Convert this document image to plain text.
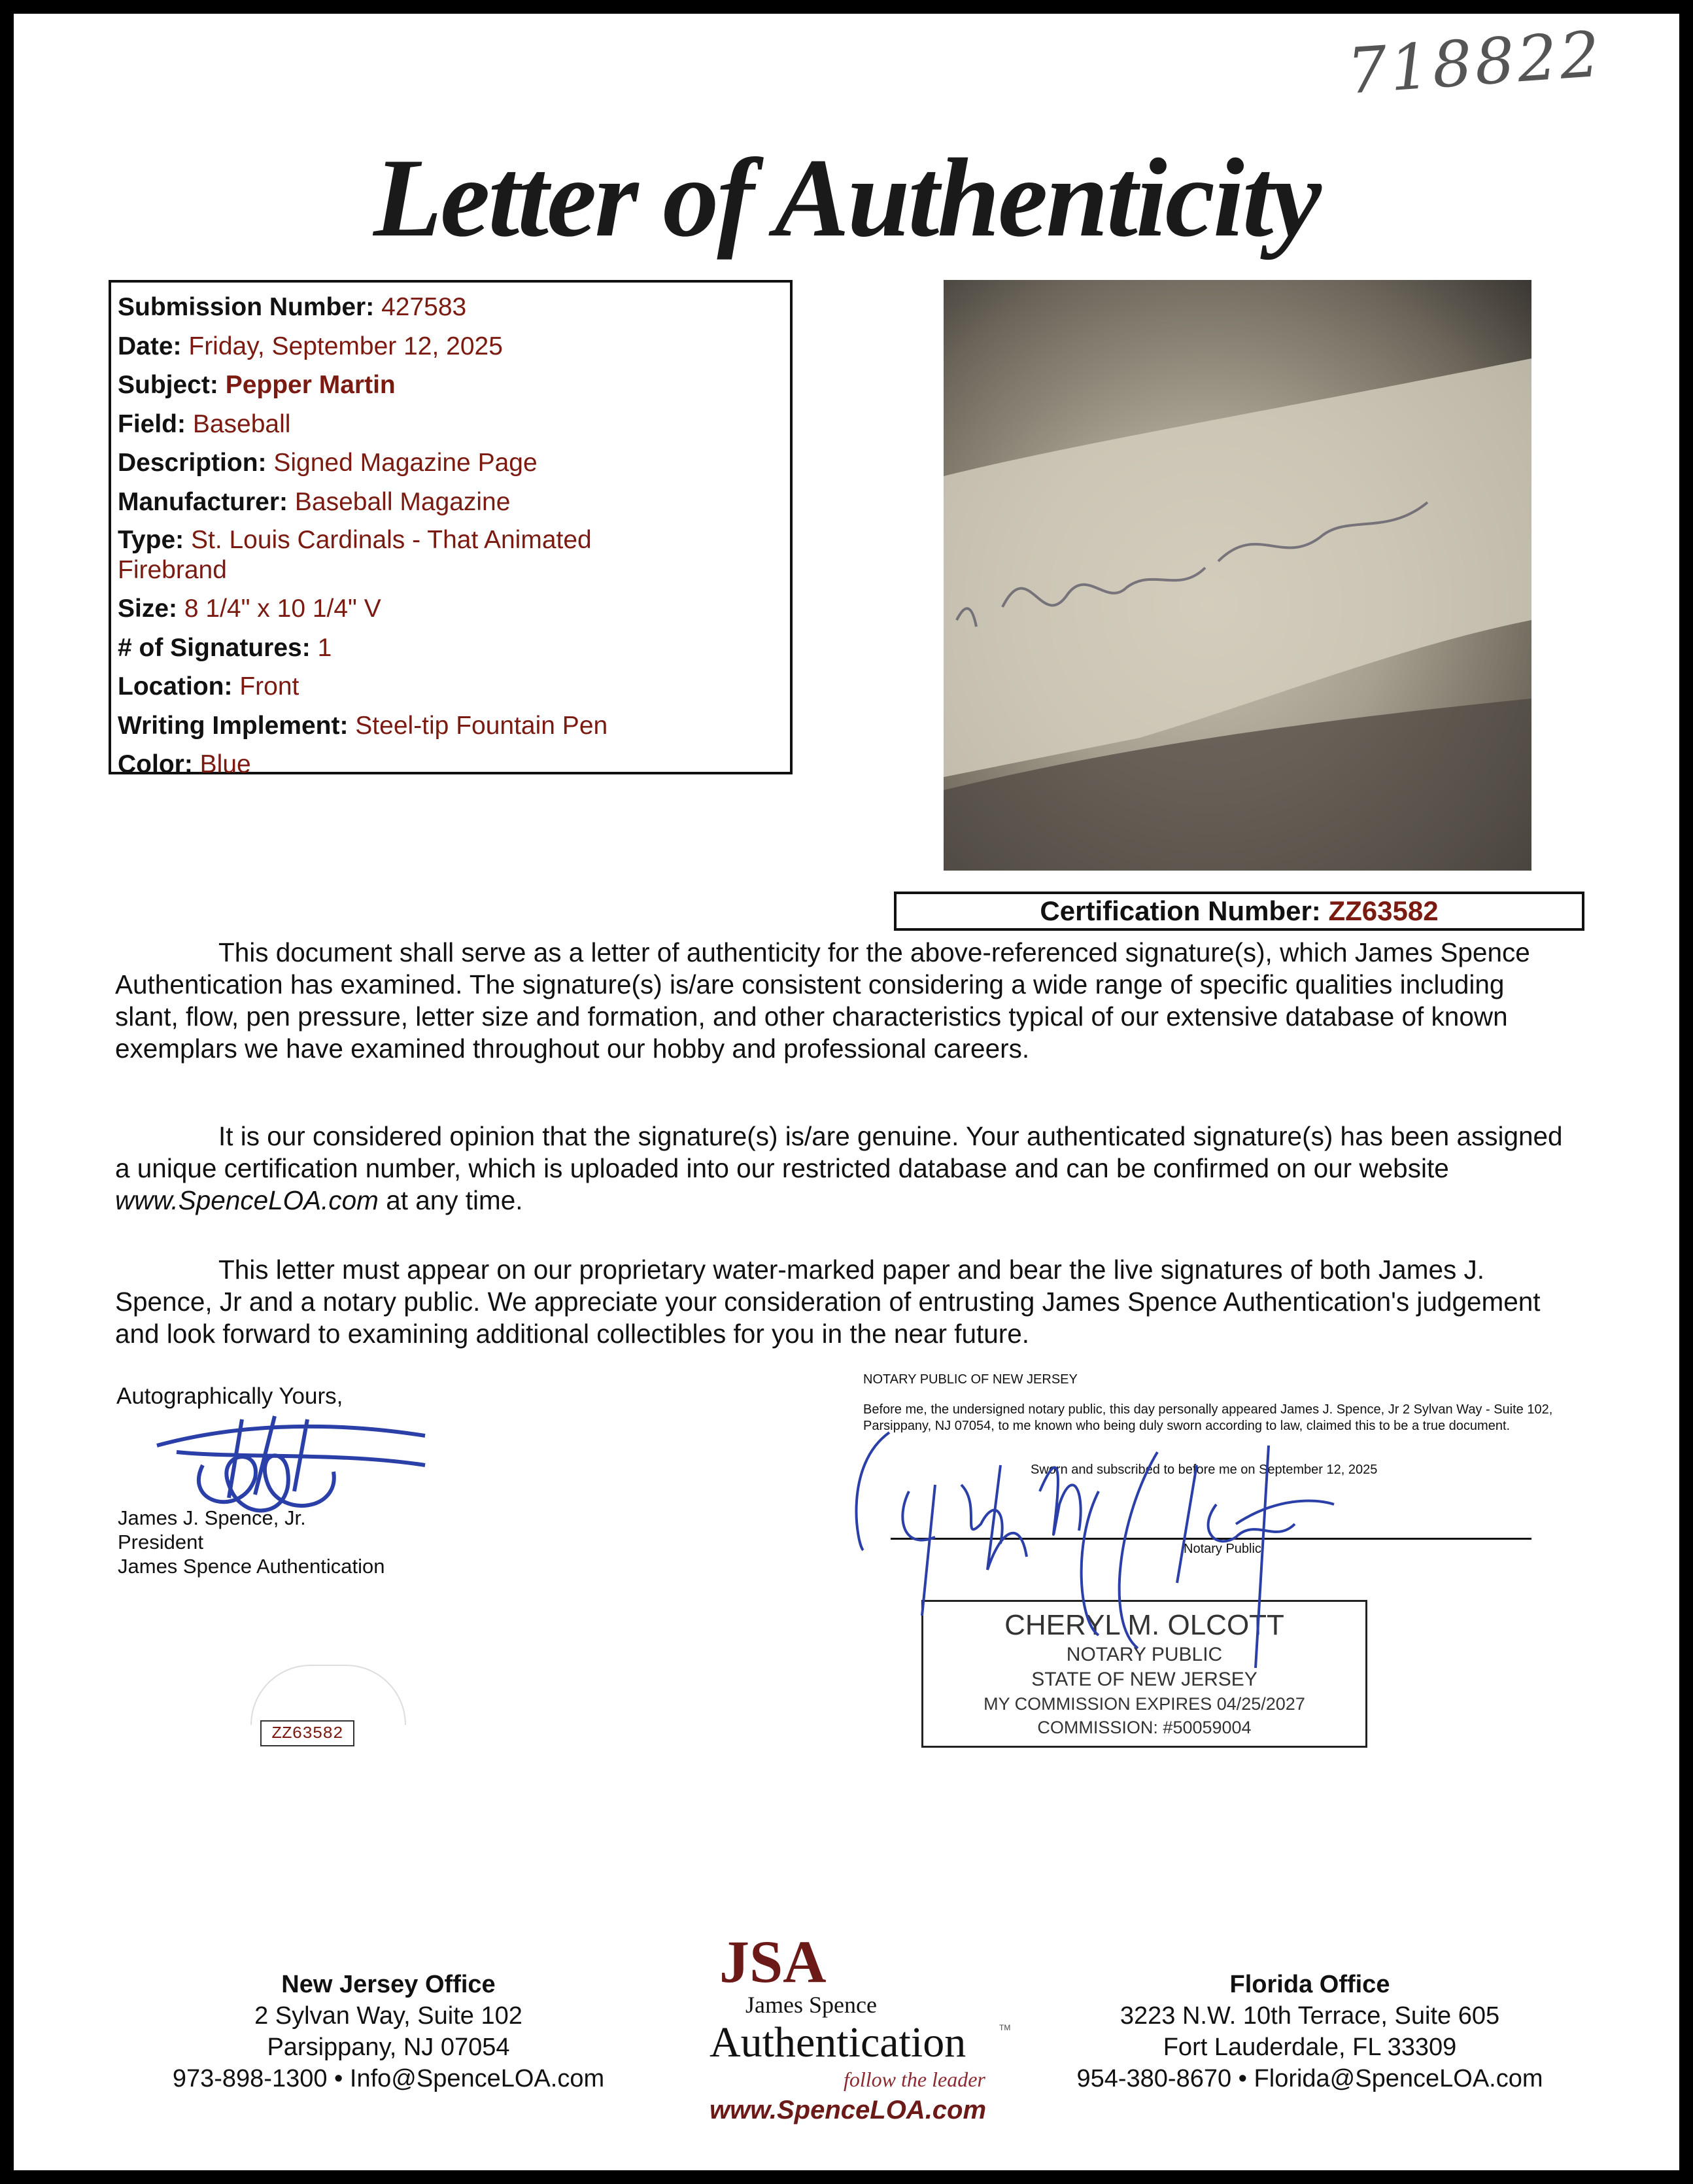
718822
Letter of Authenticity
Submission Number: 427583
Date: Friday, September 12, 2025
Subject: Pepper Martin
Field: Baseball
Description: Signed Magazine Page
Manufacturer: Baseball Magazine
Type: St. Louis Cardinals - That Animated Firebrand
Size: 8 1/4" x 10 1/4" V
# of Signatures: 1
Location: Front
Writing Implement: Steel-tip Fountain Pen
Color: Blue
Certification Number: ZZ63582
This document shall serve as a letter of authenticity for the above-referenced signature(s), which James Spence Authentication has examined. The signature(s) is/are consistent considering a wide range of specific qualities including slant, flow, pen pressure, letter size and formation, and other characteristics typical of our extensive database of known exemplars we have examined throughout our hobby and professional careers.
It is our considered opinion that the signature(s) is/are genuine. Your authenticated signature(s) has been assigned a unique certification number, which is uploaded into our restricted database and can be confirmed on our website www.SpenceLOA.com at any time.
This letter must appear on our proprietary water-marked paper and bear the live signatures of both James J. Spence, Jr and a notary public. We appreciate your consideration of entrusting James Spence Authentication's judgement and look forward to examining additional collectibles for you in the near future.
Autographically Yours,
James J. Spence, Jr.
President
James Spence Authentication
ZZ63582
NOTARY PUBLIC OF NEW JERSEY
Before me, the undersigned notary public, this day personally appeared James J. Spence, Jr 2 Sylvan Way - Suite 102, Parsippany, NJ 07054, to me known who being duly sworn according to law, claimed this to be a true document.
Sworn and subscribed to before me on September 12, 2025
Notary Public
CHERYL M. OLCOTT
NOTARY PUBLIC
STATE OF NEW JERSEY
MY COMMISSION EXPIRES 04/25/2027
COMMISSION: #50059004
New Jersey Office
2 Sylvan Way, Suite 102
Parsippany, NJ 07054
973-898-1300 • Info@SpenceLOA.com
Florida Office
3223 N.W. 10th Terrace, Suite 605
Fort Lauderdale, FL 33309
954-380-8670 • Florida@SpenceLOA.com
JSA
James Spence
Authentication	TM
follow the leader
www.SpenceLOA.com
